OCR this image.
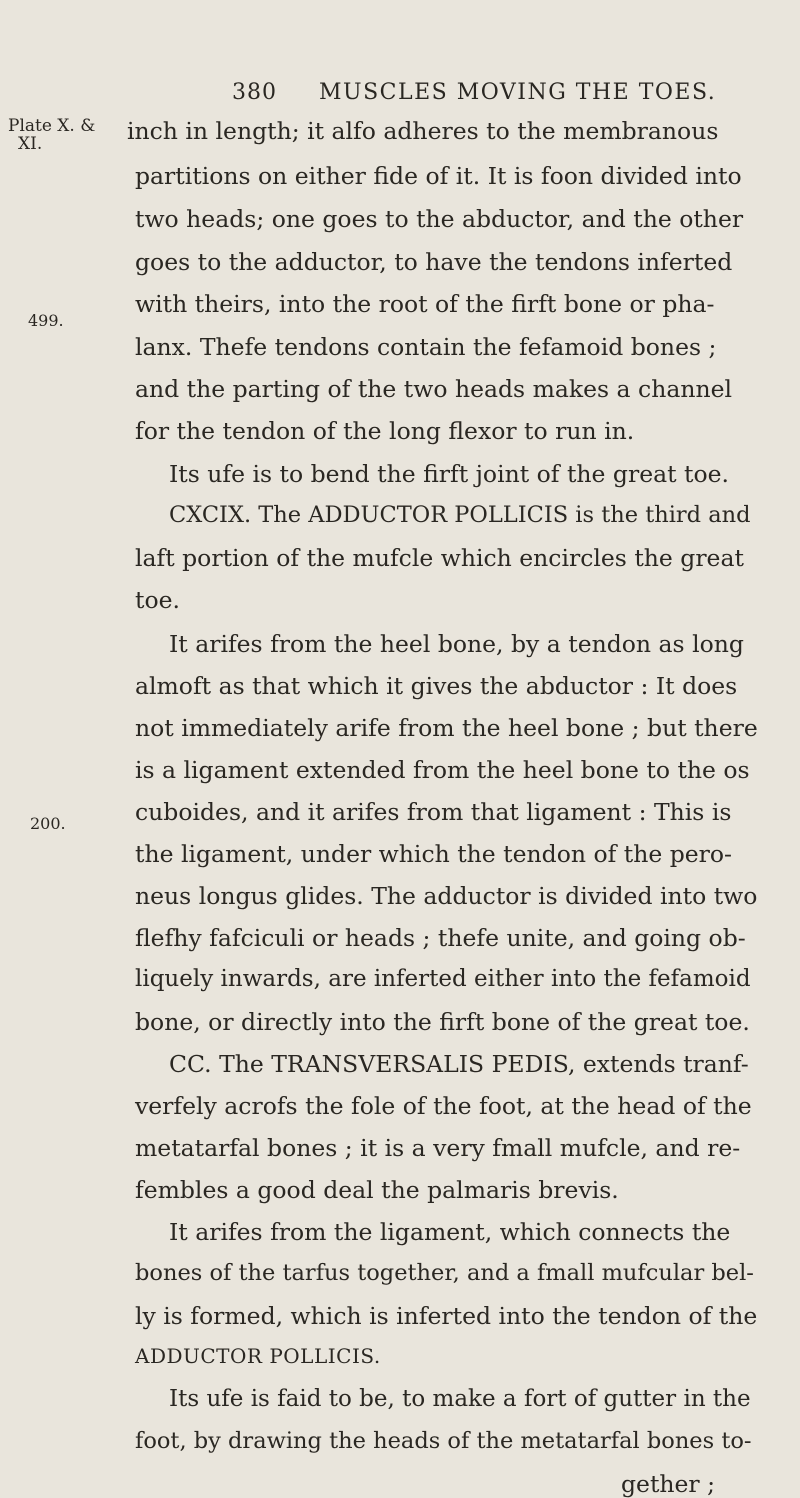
380 MUSCLES MOVING THE TOES.
Plate X. &
XI.
499.
200.
inch in length; it alfo adheres to the membranous
partitions on either fide of it. It is foon divided into
two heads; one goes to the abductor, and the other
goes to the adductor, to have the tendons inferted
with theirs, into the root of the firft bone or pha-
lanx. Thefe tendons contain the fefamoid bones ;
and the parting of the two heads makes a channel
for the tendon of the long flexor to run in.
Its ufe is to bend the firft joint of the great toe.
CXCIX. The ADDUCTOR POLLICIS is the third and
laft portion of the mufcle which encircles the great
toe.
It arifes from the heel bone, by a tendon as long
almoft as that which it gives the abductor : It does
not immediately arife from the heel bone ; but there
is a ligament extended from the heel bone to the os
cuboides, and it arifes from that ligament : This is
the ligament, under which the tendon of the pero-
neus longus glides. The adductor is divided into two
flefhy fafciculi or heads ; thefe unite, and going ob-
liquely inwards, are inferted either into the fefamoid
bone, or directly into the firft bone of the great toe.
CC. The TRANSVERSALIS PEDIS, extends tranf-
verfely acrofs the fole of the foot, at the head of the
metatarfal bones ; it is a very fmall mufcle, and re-
fembles a good deal the palmaris brevis.
It arifes from the ligament, which connects the
bones of the tarfus together, and a fmall mufcular bel-
ly is formed, which is inferted into the tendon of the
ADDUCTOR POLLICIS.
Its ufe is faid to be, to make a fort of gutter in the
foot, by drawing the heads of the metatarfal bones to-
gether ;
